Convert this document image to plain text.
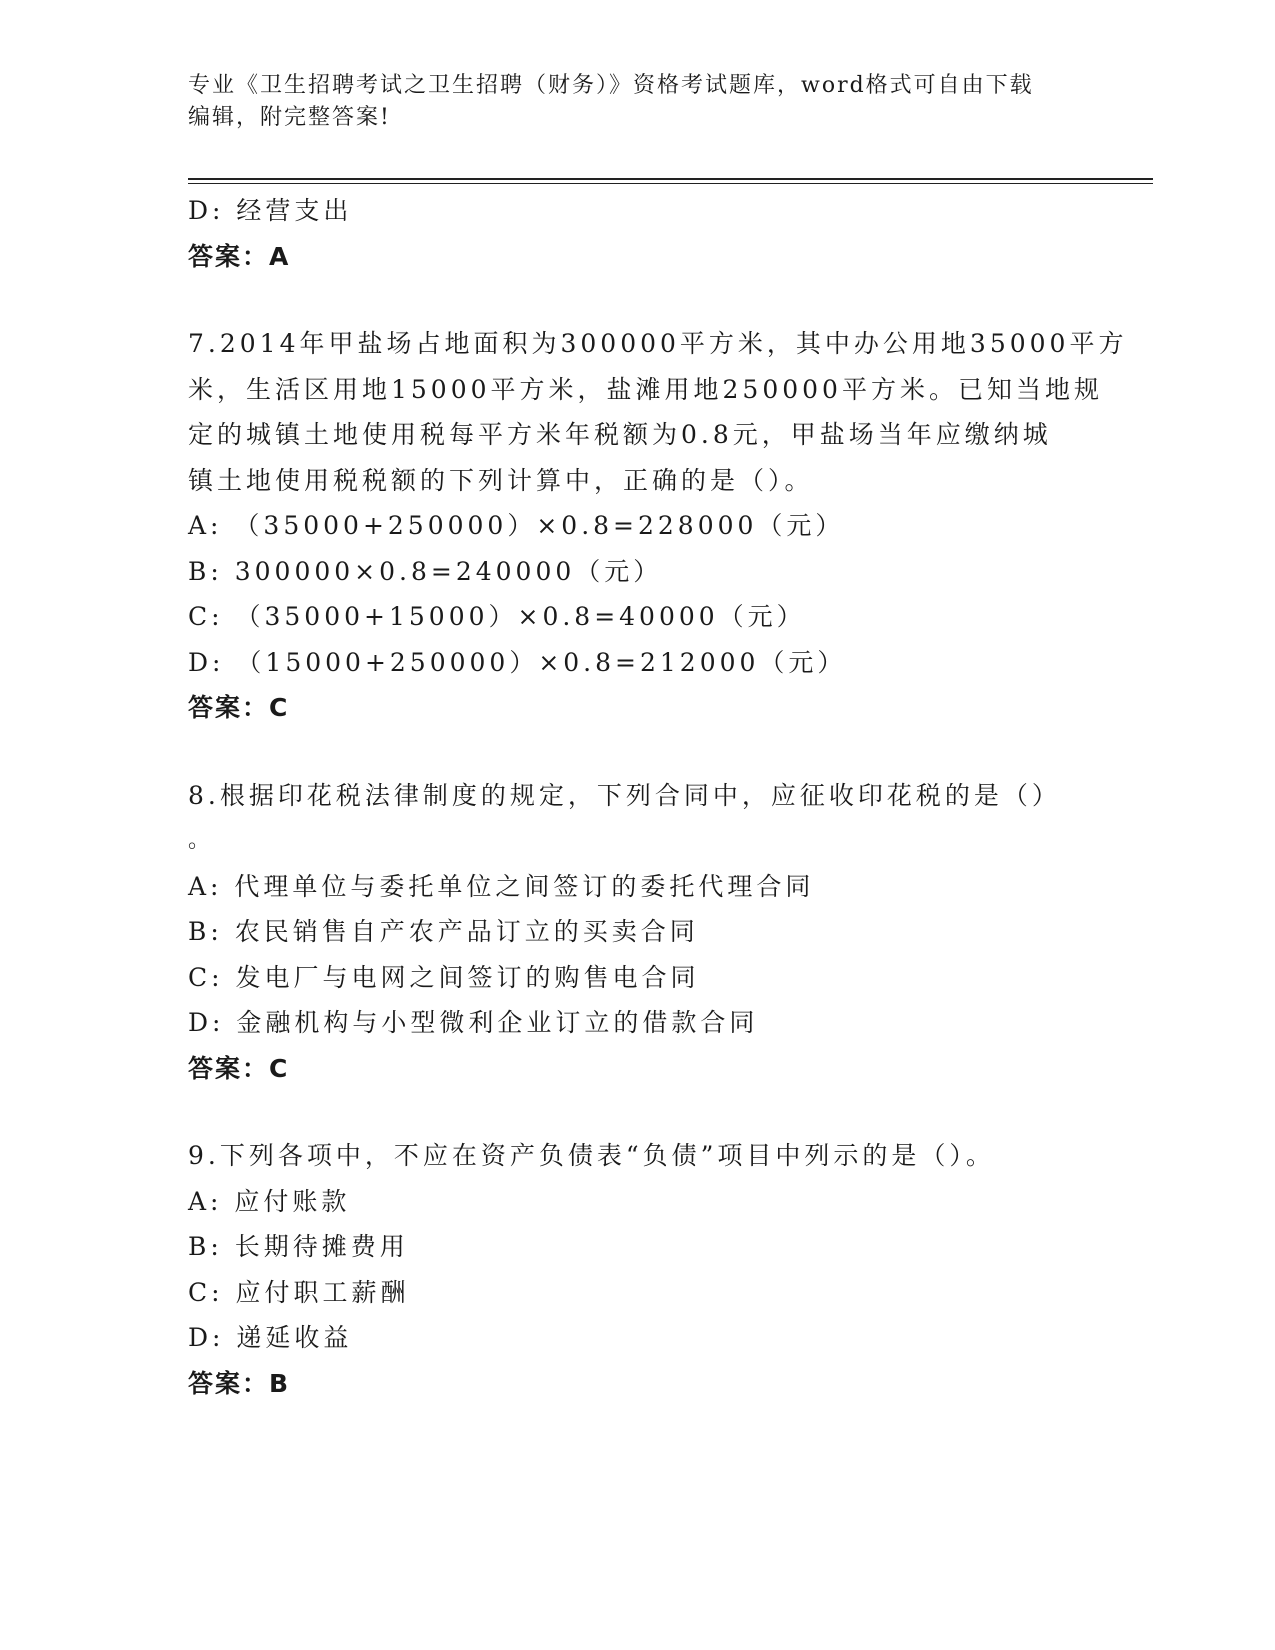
专业《卫生招聘考试之卫生招聘（财务）》资格考试题库，word格式可自由下载
编辑，附完整答案!
D: 经营支出
答案：A
7.2014年甲盐场占地面积为300000平方米，其中办公用地35000平方
米，生活区用地15000平方米，盐滩用地250000平方米。已知当地规
定的城镇土地使用税每平方米年税额为0.8元，甲盐场当年应缴纳城
镇土地使用税税额的下列计算中，正确的是（）。
A: （35000+250000）×0.8=228000（元）
B: 300000×0.8=240000（元）
C: （35000+15000）×0.8=40000（元）
D: （15000+250000）×0.8=212000（元）
答案：C
8.根据印花税法律制度的规定，下列合同中，应征收印花税的是（）
。
A: 代理单位与委托单位之间签订的委托代理合同
B: 农民销售自产农产品订立的买卖合同
C: 发电厂与电网之间签订的购售电合同
D: 金融机构与小型微利企业订立的借款合同
答案：C
9.下列各项中，不应在资产负债表“负债”项目中列示的是（）。
A: 应付账款
B: 长期待摊费用
C: 应付职工薪酬
D: 递延收益
答案：B
